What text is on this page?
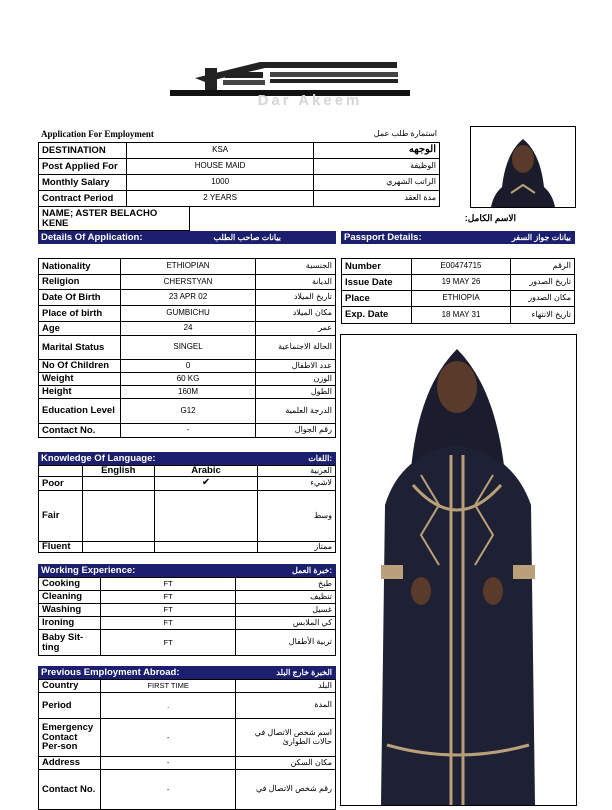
Dar Akeem
Application For Employment	استمارة طلب عمل
DESTINATION	KSA	الوجهه
Post Applied For	HOUSE MAID	الوظيفة
Monthly Salary	1000	الراتب الشهري
Contract Period	2 YEARS	مدة العقد
NAME; ASTER BELACHO KENE	الاسم الكامل:
Details Of Application:	بيانات صاحب الطلب	Passport Details:	بيانات جواز السفر
Nationality	ETHIOPIAN	الجنسية
Religion	CHERSTYAN	الديانة
Date Of Birth	23 APR 02	تاريخ الميلاد
Place of birth	GUMBICHU	مكان الميلاد
Age	24	عمر
Marital Status	SINGEL	الحالة الاجتماعية
No Of Children	0	عدد الاطفال
Weight	60 KG	الوزن
Height	160M	الطول
Education Level	G12	الدرجة العلمية
Contact No.	-	رقم الجوال
Number	E00474715	الرقم
Issue Date	19 MAY 26	تاريخ الصدور
Place	ETHIOPIA	مكان الصدور
Exp. Date	18 MAY 31	تاريخ الانتهاء
Knowledge Of Language:	اللغات:
	English	Arabic	العربية
Poor		✔	لاشيء
Fair			وسط
Fluent			ممتاز
Working Experience:	خبرة العمل:
Cooking	FT	طبخ
Cleaning	FT	تنظيف
Washing	FT	غسيل
Ironing	FT	كي الملابس
Baby Sit-ting	FT	تربية الأطفال
Previous Employment Abroad:	الخبرة خارج البلد
Country	FIRST TIME	البلد
Period	.	المدة
Emergency Contact Per-son	-	اسم شخص الاتصال في حالات الطوارئ
Address	-	مكان السكن
Contact No.	-	رقم شخص الاتصال في
